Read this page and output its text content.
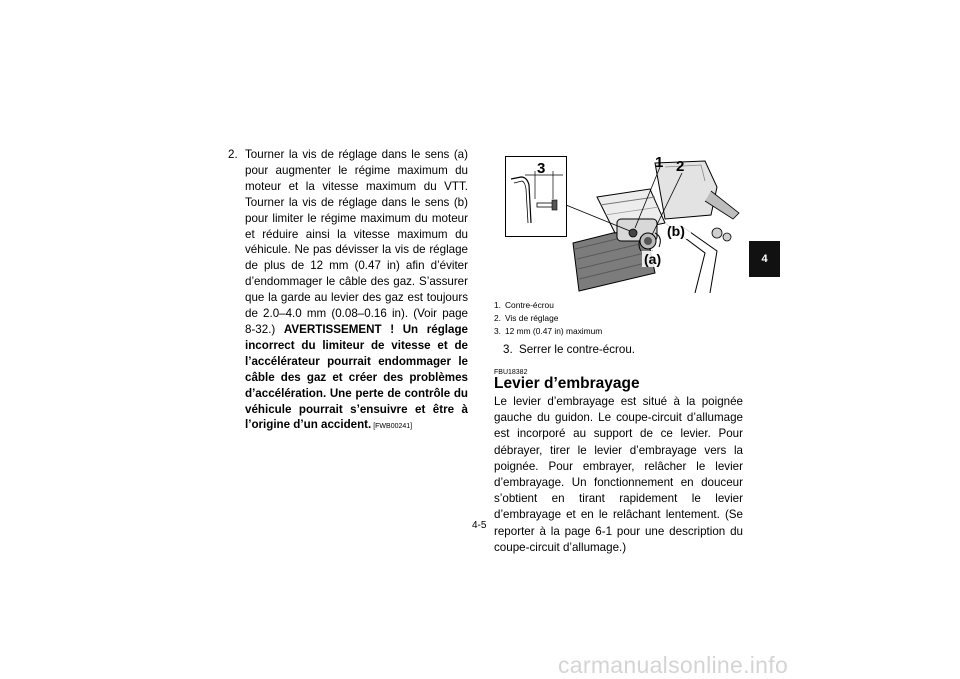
2. Tourner la vis de réglage dans le sens (a) pour augmenter le régime maximum du moteur et la vitesse maximum du VTT. Tourner la vis de réglage dans le sens (b) pour limiter le régime maximum du moteur et réduire ainsi la vitesse maximum du véhicule. Ne pas dévisser la vis de réglage de plus de 12 mm (0.47 in) afin d’éviter d’endommager le câble des gaz. S’assurer que la garde au levier des gaz est toujours de 2.0–4.0 mm (0.08–0.16 in). (Voir page 8-32.) AVERTISSEMENT ! Un réglage incorrect du limiteur de vitesse et de l’accélérateur pourrait endommager le câble des gaz et créer des problèmes d’accélération. Une perte de contrôle du véhicule pourrait s’ensuivre et être à l’origine d’un accident. [FWB00241]
3	1 2
(b)
(a)
1. Contre-écrou
2. Vis de réglage
3. 12 mm (0.47 in) maximum
3. Serrer le contre-écrou.
FBU18382
Levier d’embrayage
Le levier d’embrayage est situé à la poignée gauche du guidon. Le coupe-circuit d’allumage est incorporé au support de ce levier. Pour débrayer, tirer le levier d’embrayage vers la poignée. Pour embrayer, relâcher le levier d’embrayage. Un fonctionnement en douceur s’obtient en tirant rapidement le levier d’embrayage et en le relâchant lentement. (Se reporter à la page 6-1 pour une description du coupe-circuit d’allumage.)
4-5
4
carmanualsonline.info
